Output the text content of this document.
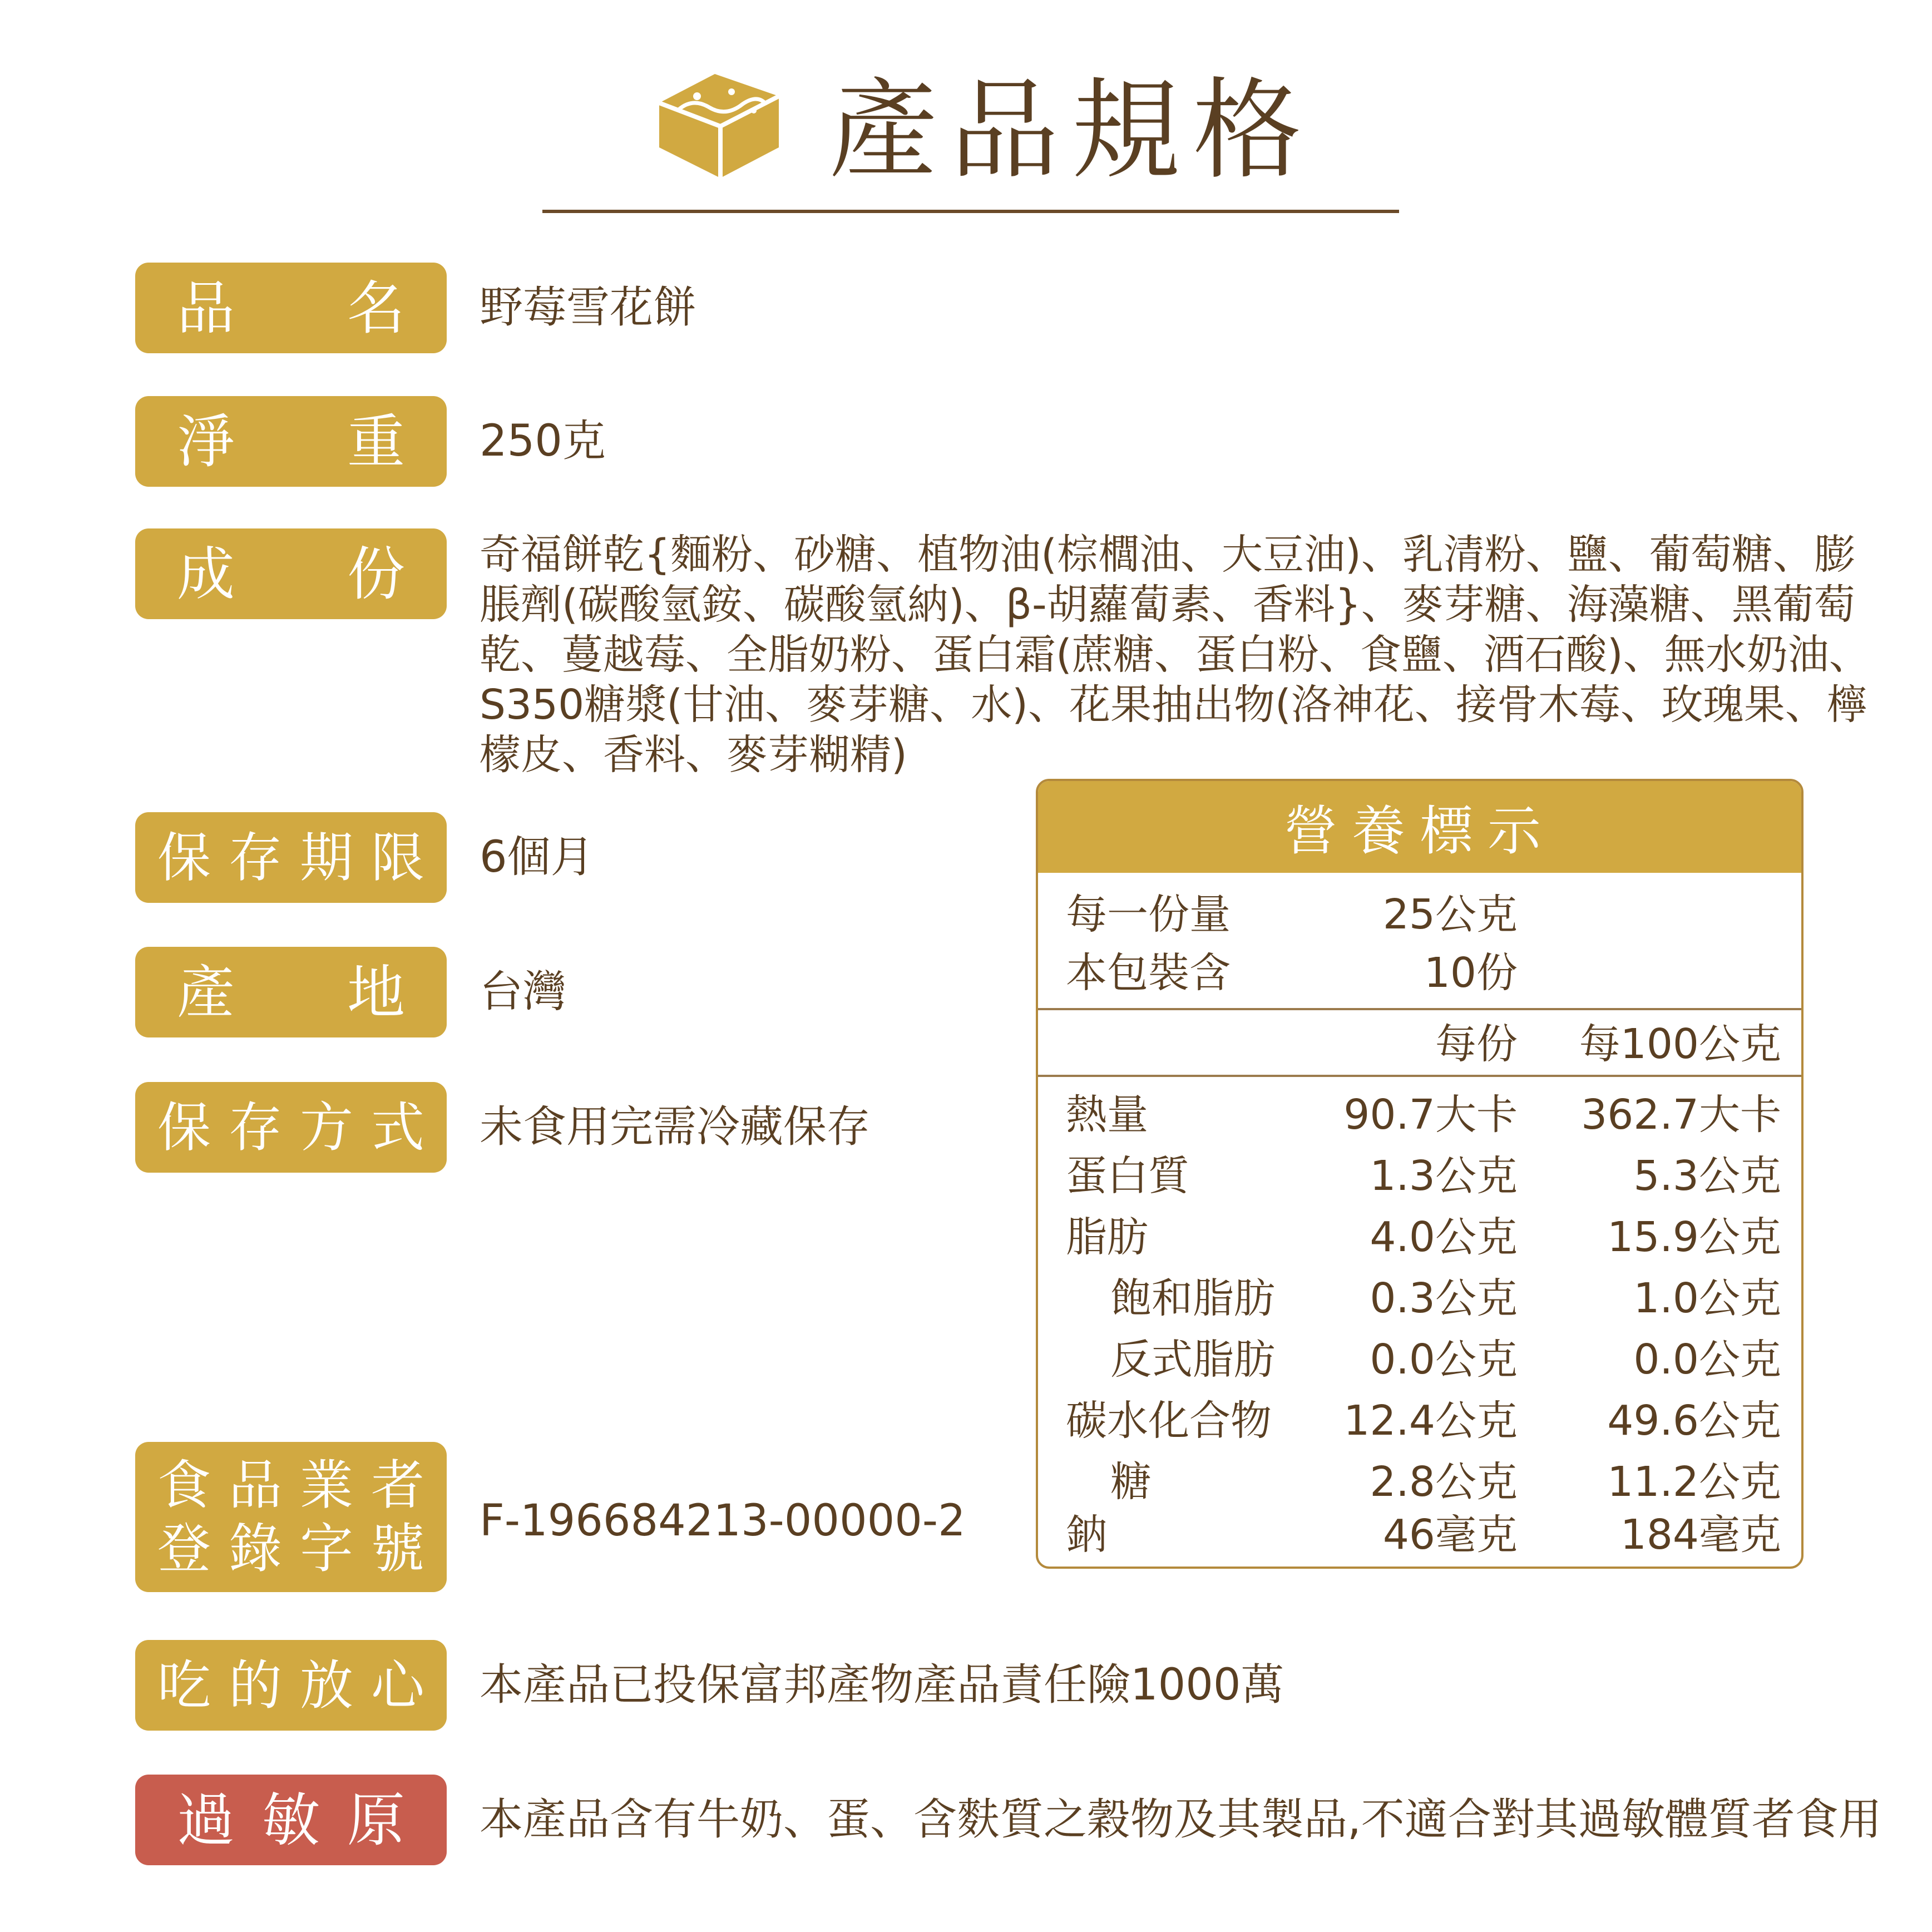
產品規格
品 名 野莓雪花餅
淨 重 250克
成 份 奇福餅乾{麵粉、砂糖、植物油(棕櫚油、大豆油)、乳清粉、鹽、葡萄糖、膨脹劑(碳酸氫銨、碳酸氫納)、β-胡蘿蔔素、香料}、麥芽糖、海藻糖、黑葡萄乾、蔓越莓、全脂奶粉、蛋白霜(蔗糖、蛋白粉、食鹽、酒石酸)、無水奶油、S350糖漿(甘油、麥芽糖、水)、花果抽出物(洛神花、接骨木莓、玫瑰果、檸檬皮、香料、麥芽糊精)
保 存 期 限 6個月
產 地 台灣
保 存 方 式 未食用完需冷藏保存
食 品 業 者
登 錄 字 號 F-196684213-00000-2
吃 的 放 心 本產品已投保富邦產物產品責任險1000萬
過 敏 原 本產品含有牛奶、蛋、含麩質之穀物及其製品,不適合對其過敏體質者食用
營養標示
每一份量	25公克
本包裝含	10份
每份 每100公克
熱量	90.7大卡 362.7大卡
蛋白質	1.3公克	5.3公克
脂肪	4.0公克 15.9公克
飽和脂肪 0.3公克	1.0公克
反式脂肪 0.0公克	0.0公克
碳水化合物 12.4公克 49.6公克
糖	2.8公克 11.2公克
鈉	46毫克 184毫克
